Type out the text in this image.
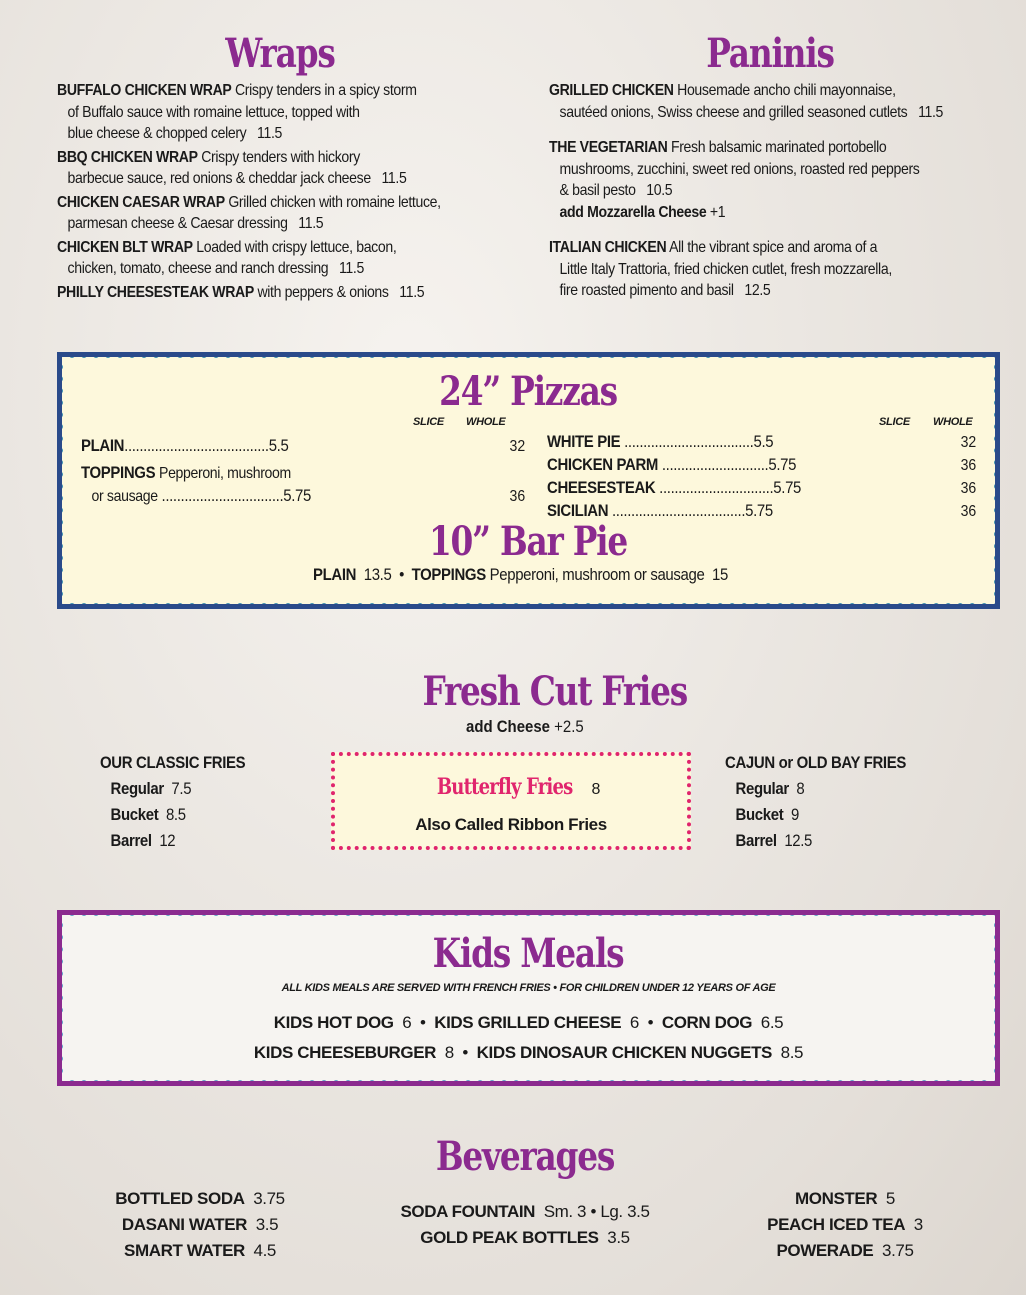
Wraps
BUFFALO CHICKEN WRAP Crispy tenders in a spicy storm
of Buffalo sauce with romaine lettuce, topped with
blue cheese & chopped celery 11.5
BBQ CHICKEN WRAP Crispy tenders with hickory
barbecue sauce, red onions & cheddar jack cheese 11.5
CHICKEN CAESAR WRAP Grilled chicken with romaine lettuce,
parmesan cheese & Caesar dressing 11.5
CHICKEN BLT WRAP Loaded with crispy lettuce, bacon,
chicken, tomato, cheese and ranch dressing 11.5
PHILLY CHEESESTEAK WRAP with peppers & onions 11.5
Paninis
GRILLED CHICKEN Housemade ancho chili mayonnaise,
sautéed onions, Swiss cheese and grilled seasoned cutlets 11.5
THE VEGETARIAN Fresh balsamic marinated portobello
mushrooms, zucchini, sweet red onions, roasted red peppers
& basil pesto 10.5
add Mozzarella Cheese +1
ITALIAN CHICKEN All the vibrant spice and aroma of a
Little Italy Trattoria, fried chicken cutlet, fresh mozzarella,
fire roasted pimento and basil 12.5
24” Pizzas
SLICE WHOLE
PLAIN......................................5.5	32
TOPPINGS Pepperoni, mushroom
or sausage ................................5.75	36
SLICE WHOLE
WHITE PIE ..................................5.5	32
CHICKEN PARM ............................5.75	36
CHEESESTEAK ..............................5.75	36
SICILIAN ...................................5.75	36
10” Bar Pie
PLAIN 13.5 • TOPPINGS Pepperoni, mushroom or sausage 15
Fresh Cut Fries
add Cheese +2.5
OUR CLASSIC FRIES
Regular 7.5
Bucket 8.5
Barrel 12
Butterfly Fries 8
Also Called Ribbon Fries
CAJUN or OLD BAY FRIES
Regular 8
Bucket 9
Barrel 12.5
Kids Meals
ALL KIDS MEALS ARE SERVED WITH FRENCH FRIES • FOR CHILDREN UNDER 12 YEARS OF AGE
KIDS HOT DOG 6 • KIDS GRILLED CHEESE 6 • CORN DOG 6.5
KIDS CHEESEBURGER 8 • KIDS DINOSAUR CHICKEN NUGGETS 8.5
Beverages
BOTTLED SODA 3.75
DASANI WATER 3.5
SMART WATER 4.5
SODA FOUNTAIN Sm. 3 • Lg. 3.5
GOLD PEAK BOTTLES 3.5
MONSTER 5
PEACH ICED TEA 3
POWERADE 3.75
